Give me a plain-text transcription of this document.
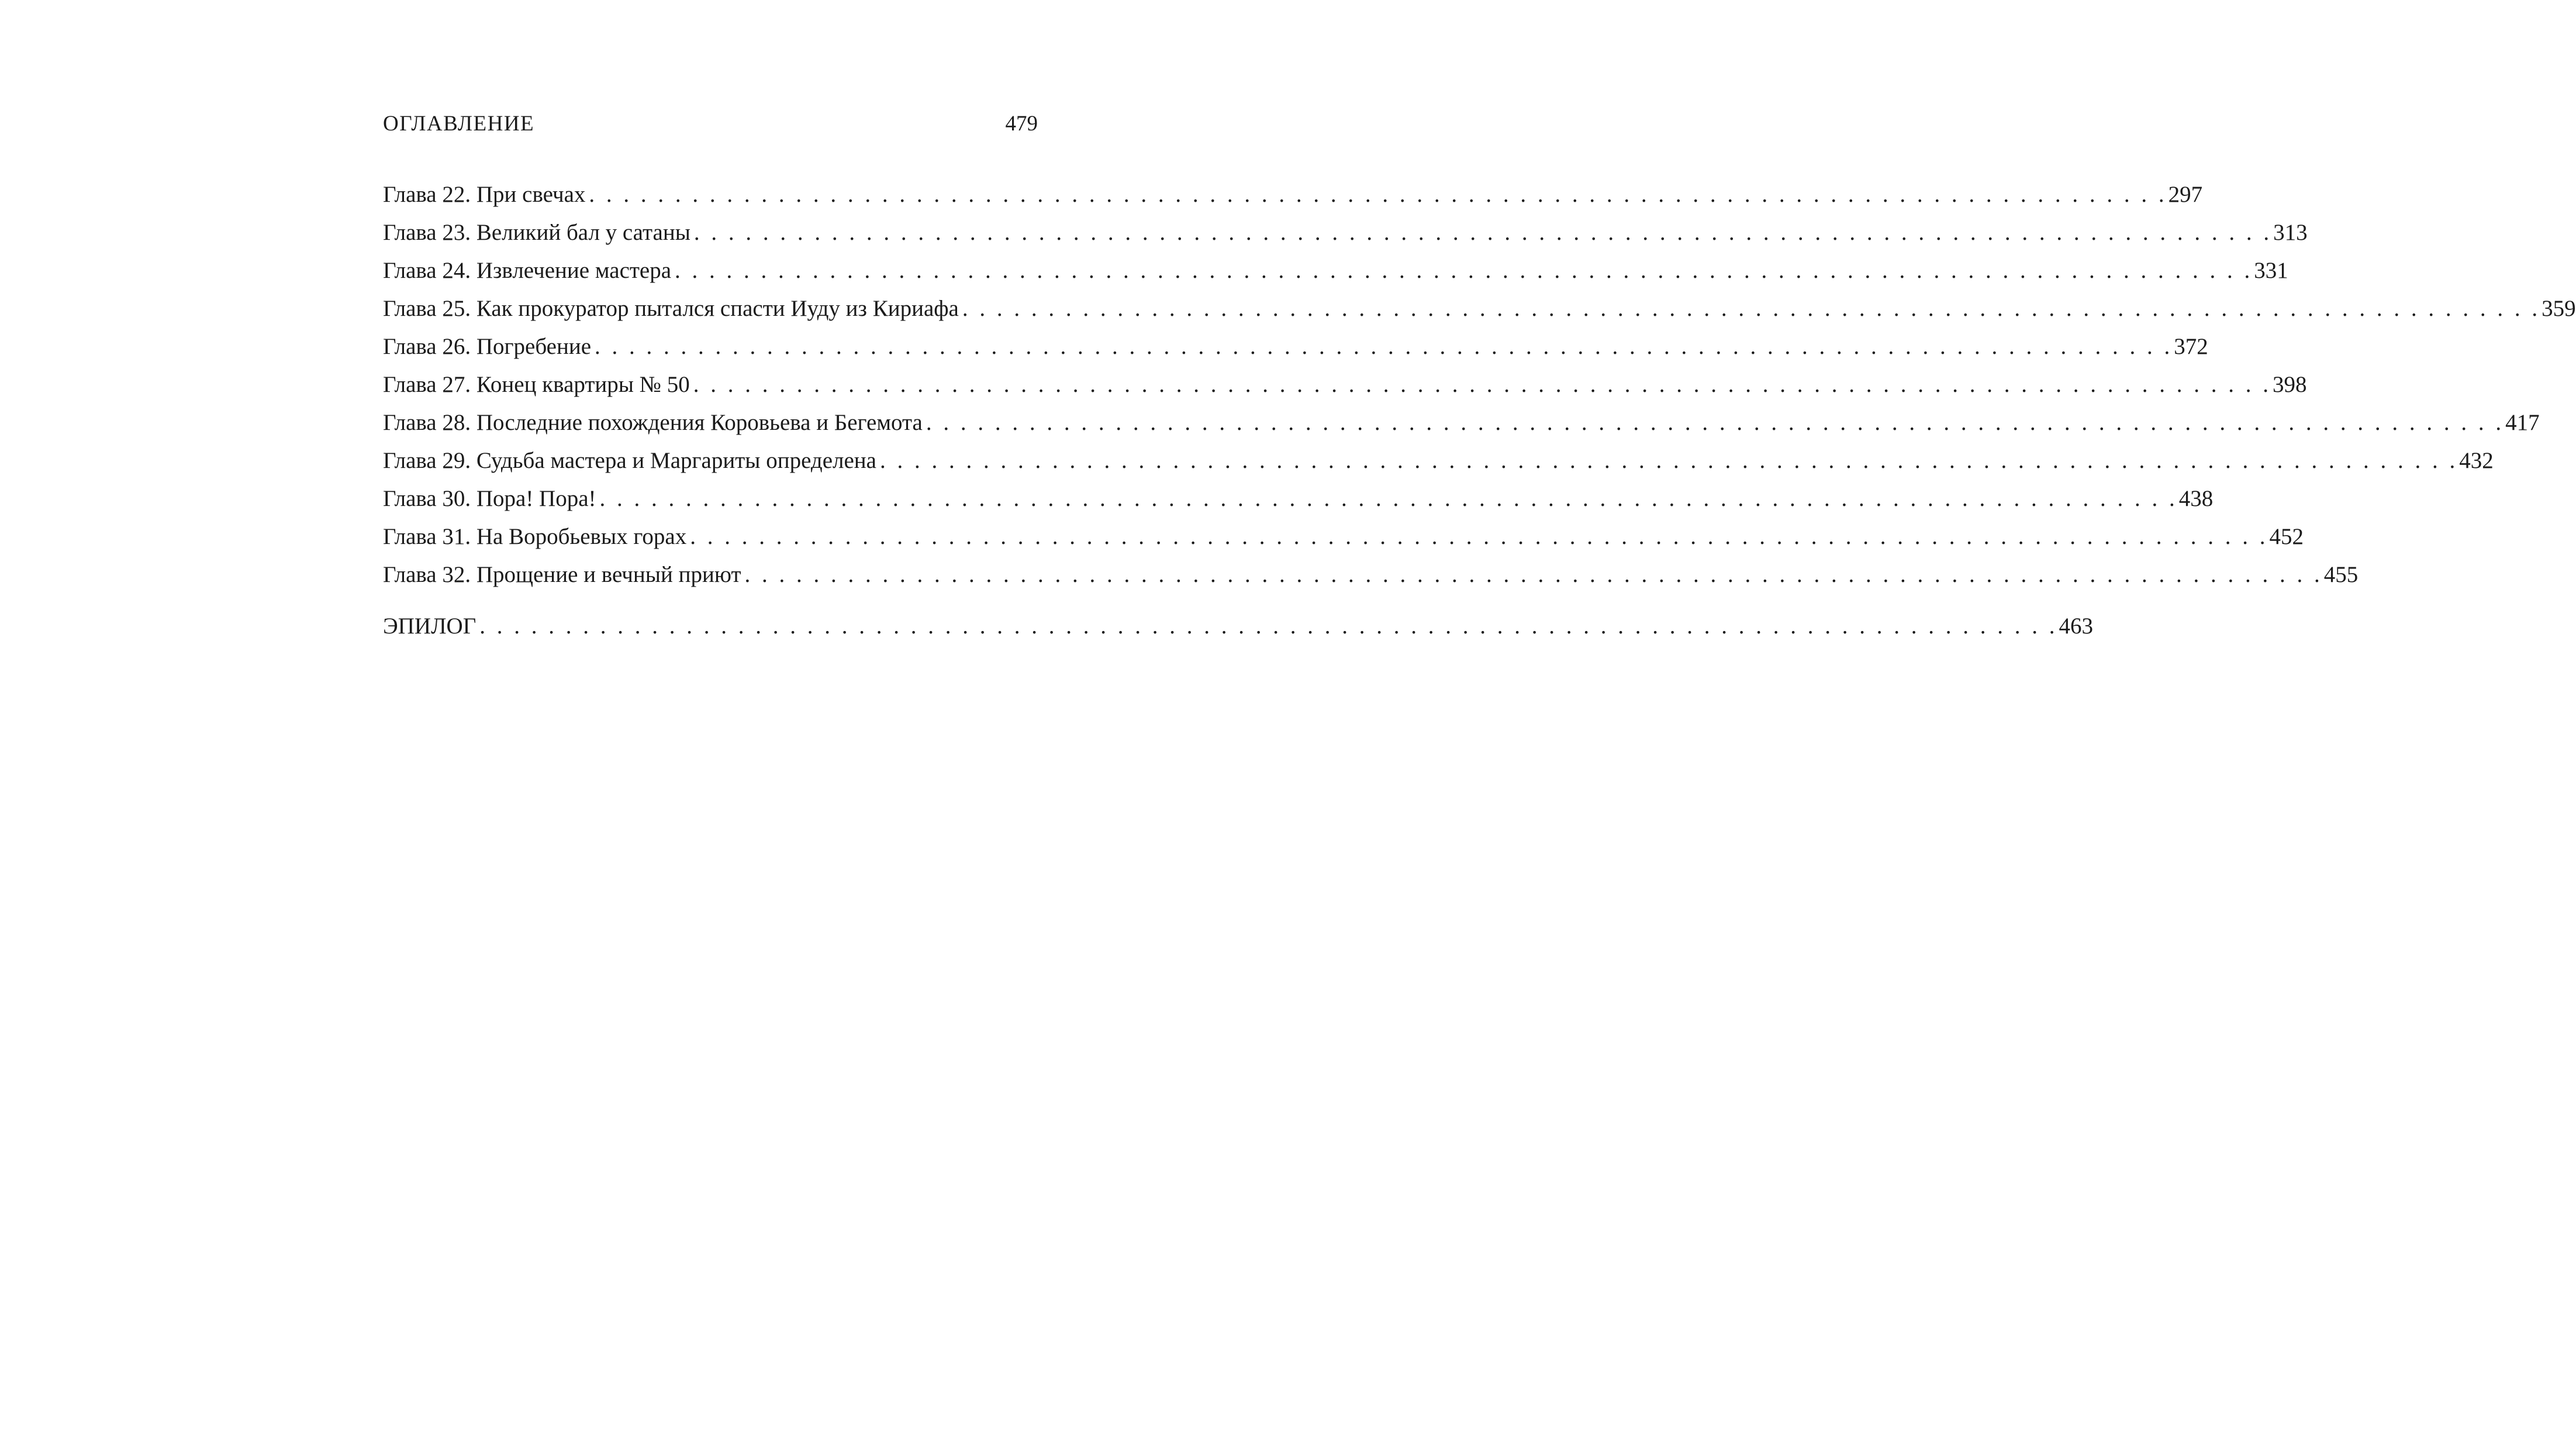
ОГЛАВЛЕНИЕ	479
Глава 22. При свечах . . . . . . . . . . . . . . . . . . . . . . . . . . . . . . . . . . . . . . . . . . . . . . . . . . . . . . . . . . . . . . . . . . . . . . . . . . . . . . . . . . . . . . . . . . . . 297
Глава 23. Великий бал у сатаны . . . . . . . . . . . . . . . . . . . . . . . . . . . . . . . . . . . . . . . . . . . . . . . . . . . . . . . . . . . . . . . . . . . . . . . . . . . . . . . . . . . . . . . . . . . . 313
Глава 24. Извлечение мастера . . . . . . . . . . . . . . . . . . . . . . . . . . . . . . . . . . . . . . . . . . . . . . . . . . . . . . . . . . . . . . . . . . . . . . . . . . . . . . . . . . . . . . . . . . . . 331
Глава 25. Как прокуратор пытался спасти Иуду из Кириафа . . . . . . . . . . . . . . . . . . . . . . . . . . . . . . . . . . . . . . . . . . . . . . . . . . . . . . . . . . . . . . . . . . . . . . . . . . . . . . . . . . . . . . . . . . . . 359
Глава 26. Погребение . . . . . . . . . . . . . . . . . . . . . . . . . . . . . . . . . . . . . . . . . . . . . . . . . . . . . . . . . . . . . . . . . . . . . . . . . . . . . . . . . . . . . . . . . . . . 372
Глава 27. Конец квартиры № 50 . . . . . . . . . . . . . . . . . . . . . . . . . . . . . . . . . . . . . . . . . . . . . . . . . . . . . . . . . . . . . . . . . . . . . . . . . . . . . . . . . . . . . . . . . . . . 398
Глава 28. Последние похождения Коровьева и Бегемота . . . . . . . . . . . . . . . . . . . . . . . . . . . . . . . . . . . . . . . . . . . . . . . . . . . . . . . . . . . . . . . . . . . . . . . . . . . . . . . . . . . . . . . . . . . . 417
Глава 29. Судьба мастера и Маргариты определена . . . . . . . . . . . . . . . . . . . . . . . . . . . . . . . . . . . . . . . . . . . . . . . . . . . . . . . . . . . . . . . . . . . . . . . . . . . . . . . . . . . . . . . . . . . . 432
Глава 30. Пора! Пора! . . . . . . . . . . . . . . . . . . . . . . . . . . . . . . . . . . . . . . . . . . . . . . . . . . . . . . . . . . . . . . . . . . . . . . . . . . . . . . . . . . . . . . . . . . . . 438
Глава 31. На Воробьевых горах . . . . . . . . . . . . . . . . . . . . . . . . . . . . . . . . . . . . . . . . . . . . . . . . . . . . . . . . . . . . . . . . . . . . . . . . . . . . . . . . . . . . . . . . . . . . 452
Глава 32. Прощение и вечный приют . . . . . . . . . . . . . . . . . . . . . . . . . . . . . . . . . . . . . . . . . . . . . . . . . . . . . . . . . . . . . . . . . . . . . . . . . . . . . . . . . . . . . . . . . . . . 455
ЭПИЛОГ . . . . . . . . . . . . . . . . . . . . . . . . . . . . . . . . . . . . . . . . . . . . . . . . . . . . . . . . . . . . . . . . . . . . . . . . . . . . . . . . . . . . . . . . . . . . 463
